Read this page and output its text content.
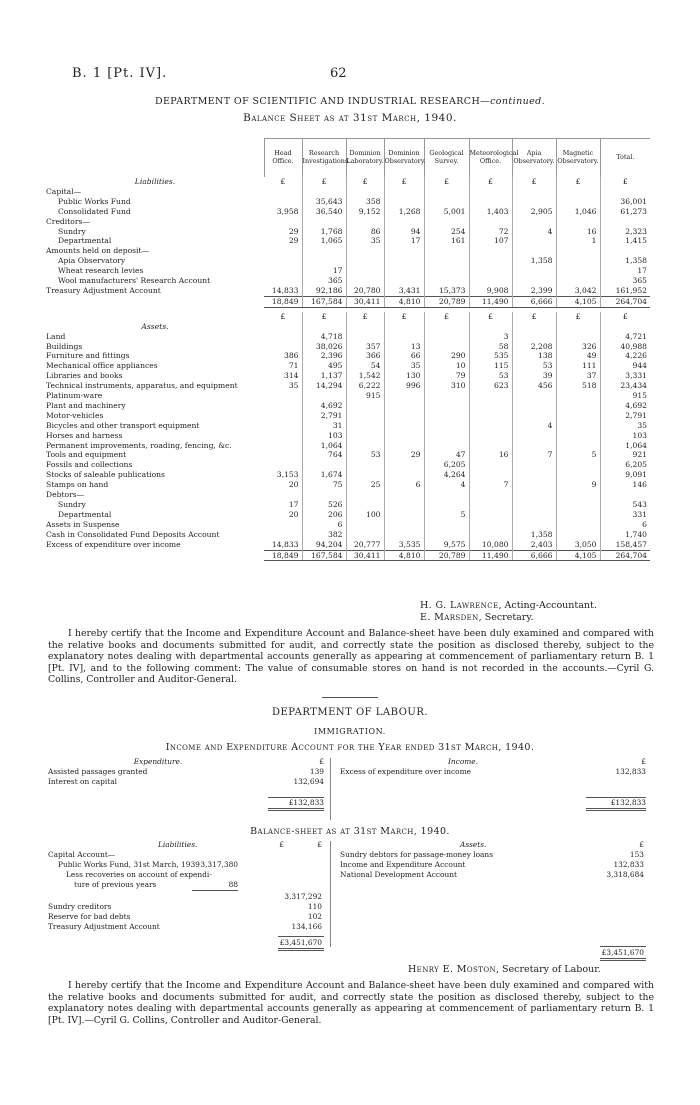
B. 1 [Pt. IV].	62
DEPARTMENT OF SCIENTIFIC AND INDUSTRIAL RESEARCH—continued.
Balance Sheet as at 31st March, 1940.
	Head Office.	Research Investigations.	Dominion Laboratory.	Dominion Observatory.	Geological Survey.	Meteorological Office.	Apia Observatory.	Magnetic Observatory.	Total.
Liabilities.	£	£	£	£	£	£	£	£	£
Capital—									
Public Works Fund		35,643	358						36,001
Consolidated Fund	3,958	36,540	9,152	1,268	5,001	1,403	2,905	1,046	61,273
Creditors—									
Sundry	29	1,768	86	94	254	72	4	16	2,323
Departmental	29	1,065	35	17	161	107		1	1,415
Amounts held on deposit—									
Apia Observatory							1,358		1,358
Wheat research levies		17							17
Wool manufacturers' Research Account		365							365
Treasury Adjustment Account	14,833	92,186	20,780	3,431	15,373	9,908	2,399	3,042	161,952
	18,849	167,584	30,411	4,810	20,789	11,490	6,666	4,105	264,704

	£	£	£	£	£	£	£	£	£
Assets.									
Land		4,718				3			4,721
Buildings		38,026	357	13		58	2,208	326	40,988
Furniture and fittings	386	2,396	366	66	290	535	138	49	4,226
Mechanical office appliances	71	495	54	35	10	115	53	111	944
Libraries and books	314	1,137	1,542	130	79	53	39	37	3,331
Technical instruments, apparatus, and equipment	35	14,294	6,222	996	310	623	456	518	23,434
Platinum-ware			915						915
Plant and machinery		4,692							4,692
Motor-vehicles		2,791							2,791
Bicycles and other transport equipment		31					4		35
Horses and harness		103							103
Permanent improvements, roading, fencing, &c.		1,064							1,064
Tools and equipment		764	53	29	47	16	7	5	921
Fossils and collections					6,205				6,205
Stocks of saleable publications	3,153	1,674			4,264				9,091
Stamps on hand	20	75	25	6	4	7		9	146
Debtors—									
Sundry	17	526							543
Departmental	20	206	100		5				331
Assets in Suspense		6							6
Cash in Consolidated Fund Deposits Account		382					1,358		1,740
Excess of expenditure over income	14,833	94,204	20,777	3,535	9,575	10,080	2,403	3,050	158,457
	18,849	167,584	30,411	4,810	20,789	11,490	6,666	4,105	264,704

H. G. Lawrence, Acting-Accountant.
E. Marsden, Secretary.

I hereby certify that the Income and Expenditure Account and Balance-sheet have been duly examined and compared with the relative books and documents submitted for audit, and correctly state the position as disclosed thereby, subject to the explanatory notes dealing with departmental accounts generally as appearing at commencement of parliamentary return B. 1 [Pt. IV], and to the following comment: The value of consumable stores on hand is not recorded in the accounts.—Cyril G. Collins, Controller and Auditor-General.

DEPARTMENT OF LABOUR.
IMMIGRATION.
Income and Expenditure Account for the Year ended 31st March, 1940.
Expenditure.	£
Assisted passages granted	139
Interest on capital	132,694

	£132,833
Income.	£
Excess of expenditure over income	132,833

	£132,833
Balance-sheet as at 31st March, 1940.
Liabilities.	£	£
Capital Account—
Public Works Fund, 31st March, 1939 3,317,380
Less recoveries on account of expendi-
ture of previous years	88
3,317,292
Sundry creditors	110
Reserve for bad debts	102
Treasury Adjustment Account	134,166
£3,451,670
Assets.	£
Sundry debtors for passage-money loans	153
Income and Expenditure Account	132,833
National Development Account	3,318,684
£3,451,670
Henry E. Moston, Secretary of Labour.

I hereby certify that the Income and Expenditure Account and Balance-sheet have been duly examined and compared with the relative books and documents submitted for audit, and correctly state the position as disclosed thereby, subject to the explanatory notes dealing with departmental accounts generally as appearing at commencement of parliamentary return B. 1 [Pt. IV].—Cyril G. Collins, Controller and Auditor-General.
